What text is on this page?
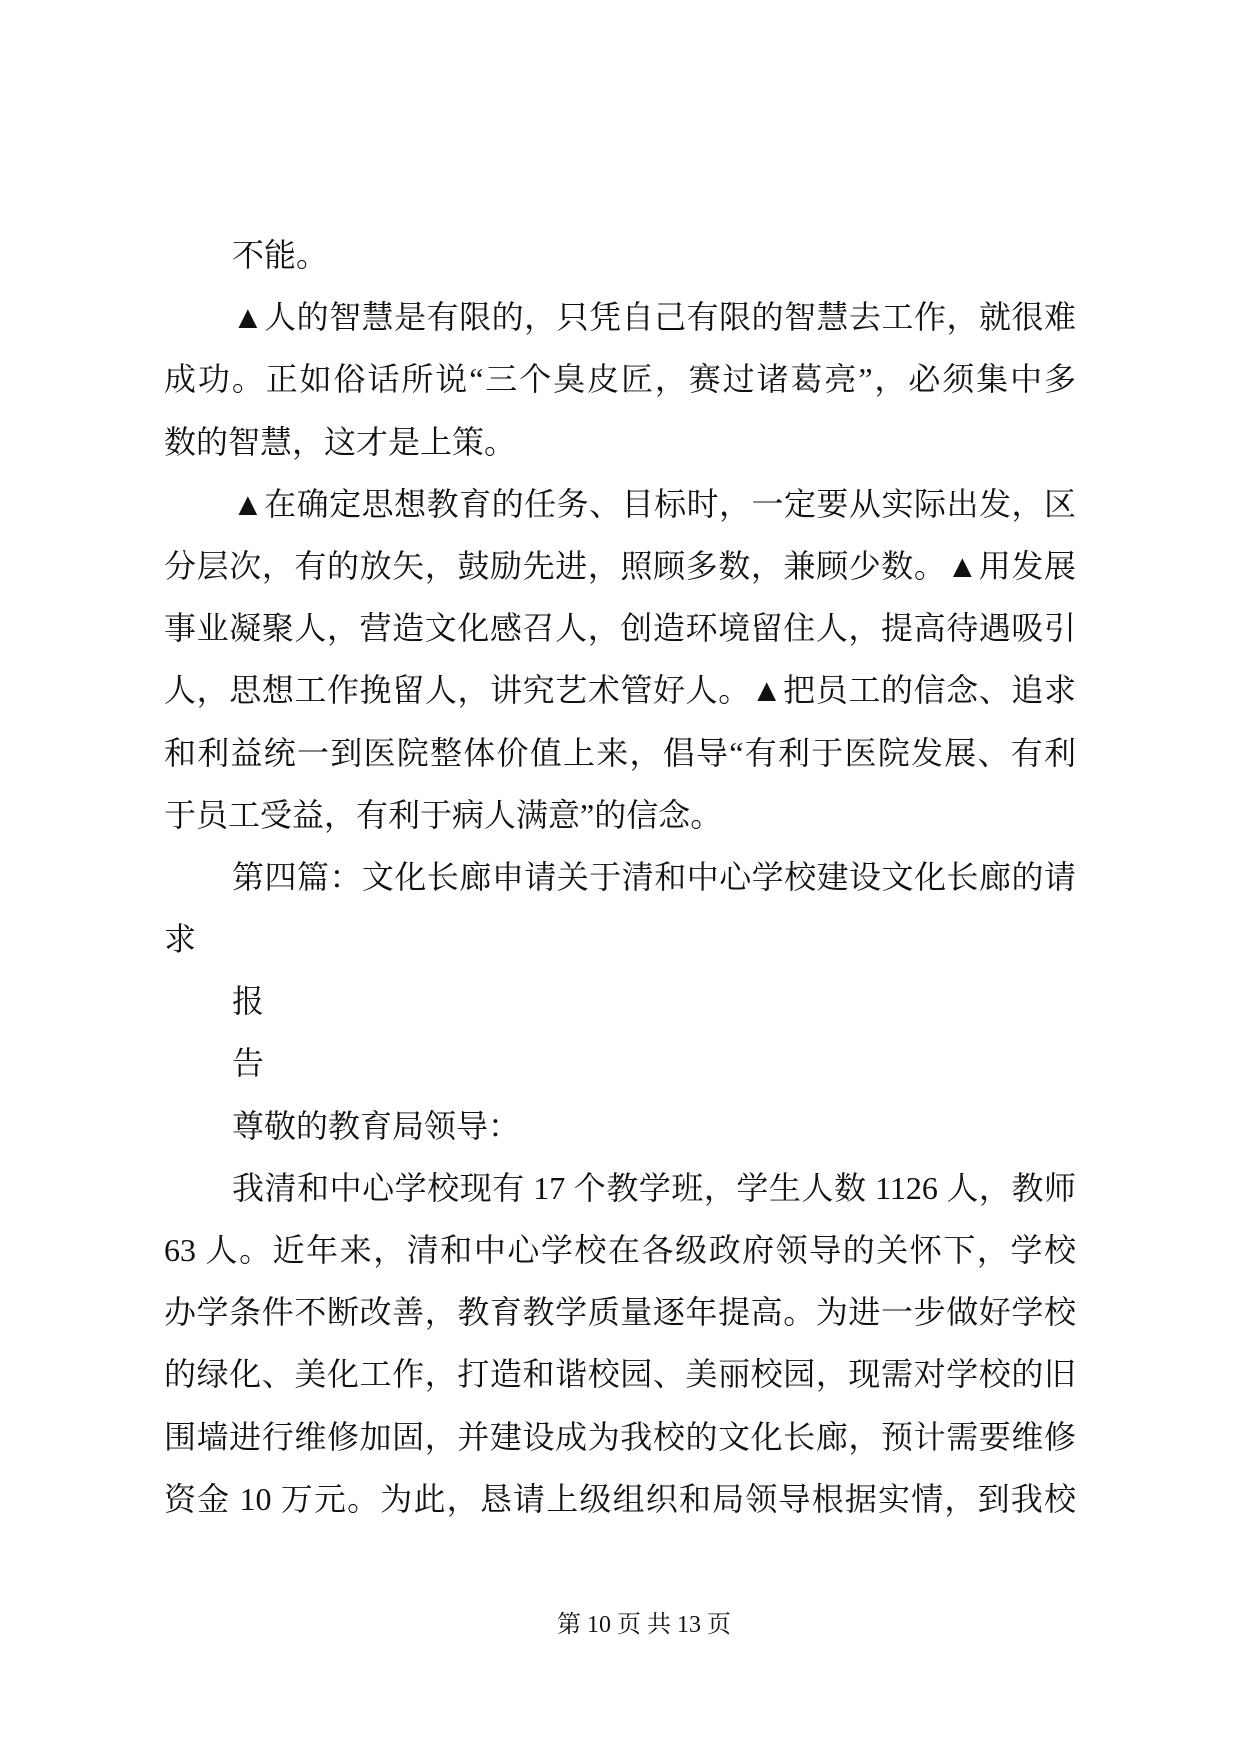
不能。
▲人的智慧是有限的，只凭自己有限的智慧去工作，就很难
成功。正如俗话所说“三个臭皮匠，赛过诸葛亮”，必须集中多
数的智慧，这才是上策。
▲在确定思想教育的任务、目标时，一定要从实际出发，区
分层次，有的放矢，鼓励先进，照顾多数，兼顾少数。▲用发展
事业凝聚人，营造文化感召人，创造环境留住人，提高待遇吸引
人，思想工作挽留人，讲究艺术管好人。▲把员工的信念、追求
和利益统一到医院整体价值上来，倡导“有利于医院发展、有利
于员工受益，有利于病人满意”的信念。
第四篇：文化长廊申请关于清和中心学校建设文化长廊的请
求
报
告
尊敬的教育局领导：
我清和中心学校现有 17 个教学班，学生人数 1126 人，教师
63 人。近年来，清和中心学校在各级政府领导的关怀下，学校
办学条件不断改善，教育教学质量逐年提高。为进一步做好学校
的绿化、美化工作，打造和谐校园、美丽校园，现需对学校的旧
围墙进行维修加固，并建设成为我校的文化长廊，预计需要维修
资金 10 万元。为此，恳请上级组织和局领导根据实情，到我校
第 10 页 共 13 页
